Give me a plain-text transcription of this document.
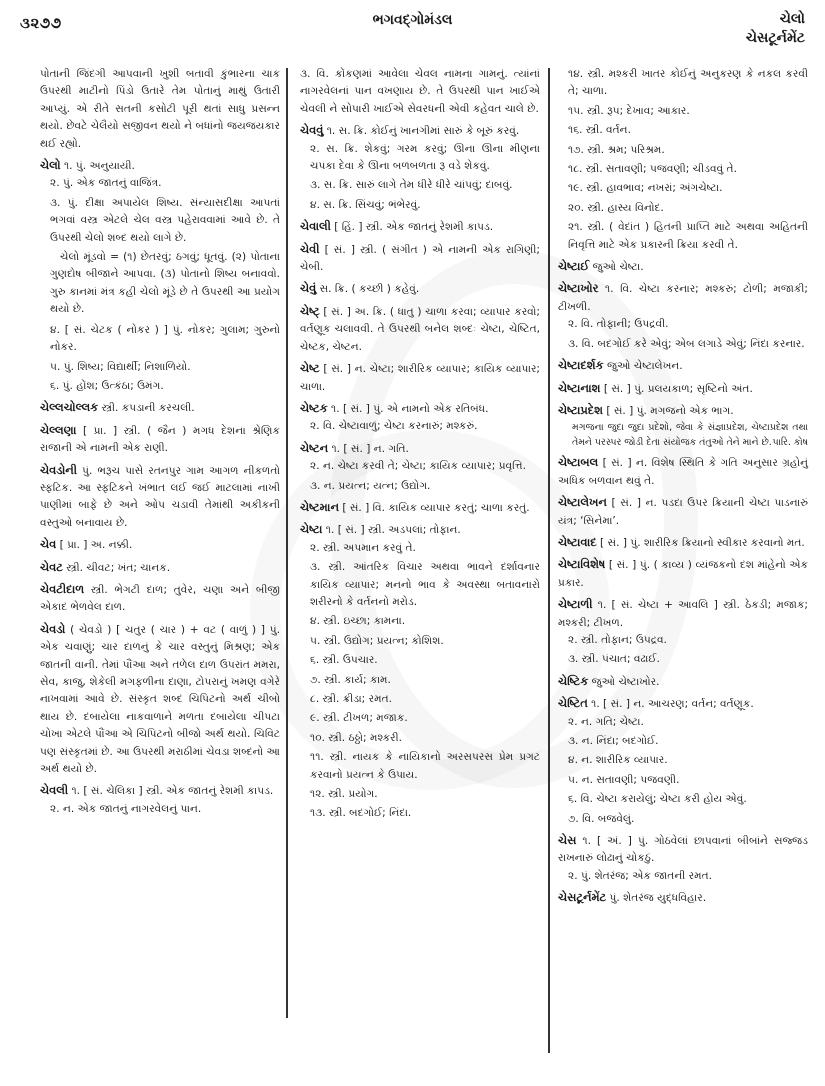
૩૨૭૭	ભગવદ્ગોમંડલ	ચેલો
ચેસટૂર્નમેંટ
પોતાની જિંદગી આપવાની ખુશી બતાવી કુંભારના ચાક ઉપરથી માટીનો પિંડો ઉતારે તેમ પોતાનું માથું ઉતારી આપ્યું. એ રીતે સતની કસોટી પૂરી થતાં સાધુ પ્રસન્ન થયો. છેવટે ચેલૈયો સજીવન થયો ને બધાંનો જયજયકાર થઈ રહ્યો.
ચેલો ૧. પું. અનુયાયી.
૨. પું. એક જાતનું વાજિંત્ર.
૩. પું. દીક્ષા અપાયેલ શિષ્ય. સંન્યાસદીક્ષા આપતાં ભગવાં વસ્ત્ર એટલે ચેલ વસ્ત્ર પહેરાવવામાં આવે છે. તે ઉપરથી ચેલો શબ્દ થયો લાગે છે.
ચેલો મૂંડવો = (૧) છેતરવું; ઠગવું; ધૂતવું. (૨) પોતાના ગુણદોષ બીજાને આપવા. (૩) પોતાનો શિષ્ય બનાવવો. ગુરુ કાનમાં મંત્ર કહી ચેલો મૂંડે છે તે ઉપરથી આ પ્રયોગ થયો છે.
૪. [ સં. ચેટક ( નોકર ) ] પું. નોકર; ગુલામ; ગુરુનો નોકર.
૫. પું. શિષ્ય; વિદ્યાર્થી; નિશાળિયો.
૬. પું. હોંશ; ઉત્કંઠા; ઉમંગ.
ચેલ્લચોલ્લક સ્ત્રી. કપડાની કરચલી.
ચેલ્લણા [ પ્રા. ] સ્ત્રી. ( જૈન ) મગધ દેશના શ્રેણિક રાજાની એ નામની એક રાણી.
ચેવડોની પું. ભરૂચ પાસે રતનપુર ગામ આગળ નીકળતો સ્ફટિક. આ સ્ફટિકને ખંભાત લઈ જઈ માટલામાં નાખી પાણીમાં બાફે છે અને ઓપ ચડાવી તેમાંથી અકીકની વસ્તુઓ બનાવાય છે.
ચેવ [ પ્રા. ] અ. નક્કી.
ચેવટ સ્ત્રી. ચીવટ; ખંત; ચાનક.
ચેવટીદાળ સ્ત્રી. ભેગટી દાળ; તુવેર, ચણા અને બીજી એકાદ ભેળવેલ દાળ.
ચેવડો ( ચેવડો ) [ ચતુર ( ચાર ) + વટ ( વાળું ) ] પું. એક ચવાણું; ચાર દાળનું કે ચાર વસ્તુનું મિશ્રણ; એક જાતની વાની. તેમાં પૌંઆ અને તળેલ દાળ ઉપરાંત મમરા, સેવ, કાજુ, શેકેલી મગફળીના દાણા, ટોપરાનું ખમણ વગેરે નાખવામાં આવે છે. સંસ્કૃત શબ્દ ચિપિટનો અર્થ ચીબો થાય છે. દબાયેલા નાકવાળાને મળતા દબાયેલા ચીપટા ચોખા એટલે પૌંઆ એ ચિપિટનો બીજો અર્થ થયો. ચિવિટ પણ સંસ્કૃતમાં છે. આ ઉપરથી મરાઠીમાં ચેવડા શબ્દનો આ અર્થ થયો છે.
ચેવલી ૧. [ સં. ચેલિકા ] સ્ત્રી. એક જાતનું રેશમી કાપડ.
૨. ન. એક જાતનું નાગરવેલનું પાન.
૩. વિ. કોંકણમાં આવેલા ચેવલ નામના ગામનું. ત્યાંનાં નાગરવેલનાં પાન વખણાય છે. તે ઉપરથી પાન ખાઈએ ચેવલી ને સોપારી ખાઈએ સેવરધની એવી કહેવત ચાલે છે.
ચેવવું ૧. સ. ક્રિ. કોઈનું ખાનગીમાં સારું કે બૂરું કરવું.
૨. સ. ક્રિ. શેકવું; ગરમ કરવું; ઊના ઊના મીણના ચપકા દેવા કે ઊના બળબળતા રૂ વડે શેકવું.
૩. સ. ક્રિ. સારું લાગે તેમ ધીરે ધીરે ચાંપવું; દાબવું.
૪. સ. ક્રિ. સિંચવું; ભંભેરવું.
ચેવાલી [ હિં. ] સ્ત્રી. એક જાતનું રેશમી કાપડ.
ચેવી [ સં. ] સ્ત્રી. ( સંગીત ) એ નામની એક રાગિણી; ચેબી.
ચેવું સ. ક્રિ. ( કચ્છી ) કહેવું.
ચેષ્ટ્ [ સં. ] અ. ક્રિ. ( ધાતુ ) ચાળા કરવા; વ્યાપાર કરવો; વર્તણૂક ચલાવવી. તે ઉપરથી બનેલ શબ્દઃ ચેષ્ટા, ચેષ્ટિત, ચેષ્ટક, ચેષ્ટન.
ચેષ્ટ [ સં. ] ન. ચેષ્ટા; શારીરિક વ્યાપાર; કાયિક વ્યાપાર; ચાળા.
ચેષ્ટક ૧. [ સં. ] પું. એ નામનો એક રતિબંધ.
૨. વિ. ચેષ્ટાવાળું; ચેષ્ટા કરનારું; મશ્કરું.
ચેષ્ટન ૧. [ સં. ] ન. ગતિ.
૨. ન. ચેષ્ટા કરવી તે; ચેષ્ટા; કાયિક વ્યાપાર; પ્રવૃત્તિ.
૩. ન. પ્રયત્ન; યત્ન; ઉદ્યોગ.
ચેષ્ટમાન [ સં. ] વિ. કાયિક વ્યાપાર કરતું; ચાળા કરતું.
ચેષ્ટા ૧. [ સં. ] સ્ત્રી. અડપલાં; તોફાન.
૨. સ્ત્રી. અપમાન કરવું તે.
૩. સ્ત્રી. આંતરિક વિચાર અથવા ભાવને દર્શાવનાર કાયિક વ્યાપાર; મનનો ભાવ કે અવસ્થા બતાવનારો શરીરનો કે વર્તનનો મરોડ.
૪. સ્ત્રી. ઇચ્છા; કામના.
૫. સ્ત્રી. ઉદ્યોગ; પ્રયત્ન; કોશિશ.
૬. સ્ત્રી. ઉપચાર.
૭. સ્ત્રી. કાર્ય; કામ.
૮. સ્ત્રી. ક્રીડા; રમત.
૯. સ્ત્રી. ટીખળ; મજાક.
૧૦. સ્ત્રી. ઠઠ્ઠો; મશ્કરી.
૧૧. સ્ત્રી. નાયક કે નાયિકાનો અરસપરસ પ્રેમ પ્રગટ કરવાનો પ્રયત્ન કે ઉપાય.
૧૨. સ્ત્રી. પ્રયોગ.
૧૩. સ્ત્રી. બદગોઈ; નિંદા.
૧૪. સ્ત્રી. મશ્કરી ખાતર કોઈનું અનુકરણ કે નકલ કરવી તે; ચાળા.
૧૫. સ્ત્રી. રૂપ; દેખાવ; આકાર.
૧૬. સ્ત્રી. વર્તન.
૧૭. સ્ત્રી. શ્રમ; પરિશ્રમ.
૧૮. સ્ત્રી. સતાવણી; પજવણી; ચીડવવું તે.
૧૯. સ્ત્રી. હાવભાવ; નખરાં; અંગચેષ્ટા.
૨૦. સ્ત્રી. હાસ્ય વિનોદ.
૨૧. સ્ત્રી. ( વેદાંત ) હિતની પ્રાપ્તિ માટે અથવા અહિતની નિવૃત્તિ માટે એક પ્રકારની ક્રિયા કરવી તે.
ચેષ્ટાઈ જુઓ ચેષ્ટા.
ચેષ્ટાખોર ૧. વિ. ચેષ્ટા કરનાર; મશ્કરું; ટોળી; મજાકી; ટીખળી.
૨. વિ. તોફાની; ઉપદ્રવી.
૩. વિ. બદગોઈ કરે એવું; એબ લગાડે એવું; નિંદા કરનાર.
ચેષ્ટાદર્શક જુઓ ચેષ્ટાલેખન.
ચેષ્ટાનાશ [ સં. ] પું. પ્રલયકાળ; સૃષ્ટિનો અંત.
ચેષ્ટાપ્રદેશ [ સં. ] પું. મગજનો એક ભાગ.
મગજના જુદા જુદા પ્રદેશો, જેવા કે સંજ્ઞાપ્રદેશ, ચેષ્ટાપ્રદેશ તથા તેમને પરસ્પર જોડી દેતા સંયોજક તંતુઓ તેને માને છે. પારિ. કોષ
ચેષ્ટાબલ [ સં. ] ન. વિશેષ સ્થિતિ કે ગતિ અનુસાર ગ્રહોનું અધિક બળવાન થવું તે.
ચેષ્ટાલેખન [ સં. ] ન. પડદા ઉપર ક્રિયાની ચેષ્ટા પાડનારું યંત્ર; ‘સિનેમા’.
ચેષ્ટાવાદ [ સં. ] પું. શારીરિક ક્રિયાનો સ્વીકાર કરવાનો મત.
ચેષ્ટાવિશેષ [ સં. ] પું. ( કાવ્ય ) વ્યંજકનો દશ માંહેનો એક પ્રકાર.
ચેષ્ટાળી ૧. [ સં. ચેષ્ટા + આવલિ ] સ્ત્રી. ઠેકડી; મજાક; મશ્કરી; ટીખળ.
૨. સ્ત્રી. તોફાન; ઉપદ્રવ.
૩. સ્ત્રી. પંચાત; વઢાઈ.
ચેષ્ટિક જુઓ ચેષ્ટાખોર.
ચેષ્ટિત ૧. [ સં. ] ન. આચરણ; વર્તન; વર્તણૂક.
૨. ન. ગતિ; ચેષ્ટા.
૩. ન. નિંદા; બદગોઈ.
૪. ન. શારીરિક વ્યાપાર.
૫. ન. સતાવણી; પજવણી.
૬. વિ. ચેષ્ટા કરાયેલું; ચેષ્ટા કરી હોય એવું.
૭. વિ. બજવેલું.
ચેસ ૧. [ અં. ] પું. ગોઠવેલાં છાપવાનાં બીબાંને સજ્જડ રાખનારું લોઢાનું ચોકઠું.
૨. પું. શેતરંજ; એક જાતની રમત.
ચેસટૂર્નમેંટ પું. શેતરંજ યુદ્ધવિહાર.
